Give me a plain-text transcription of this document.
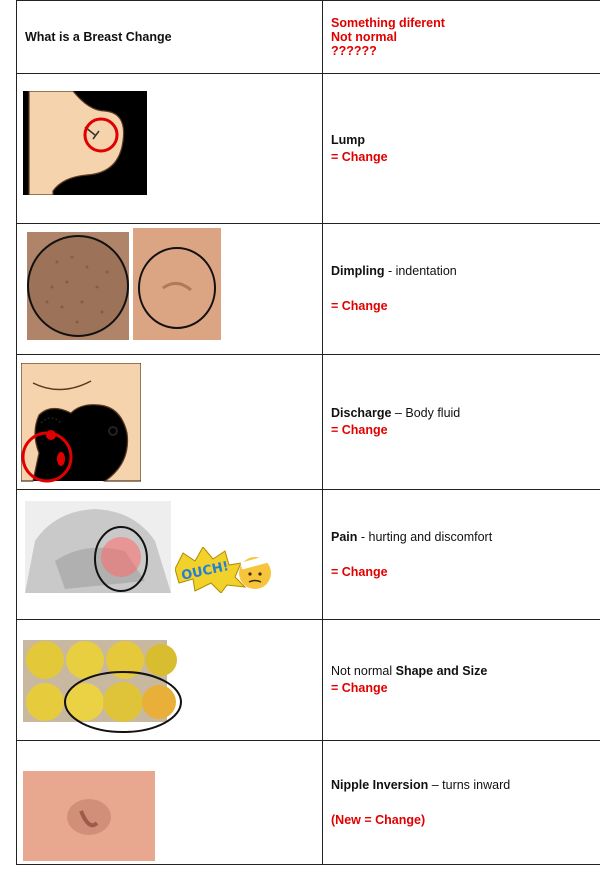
What is a Breast Change	Something diferent
Not normal
??????

Lump
= Change

Dimpling - indentation
= Change

Discharge – Body fluid
= Change

OUCH!	Pain - hurting and discomfort
= Change

Not normal Shape and Size
= Change

Nipple Inversion – turns inward
(New = Change)
